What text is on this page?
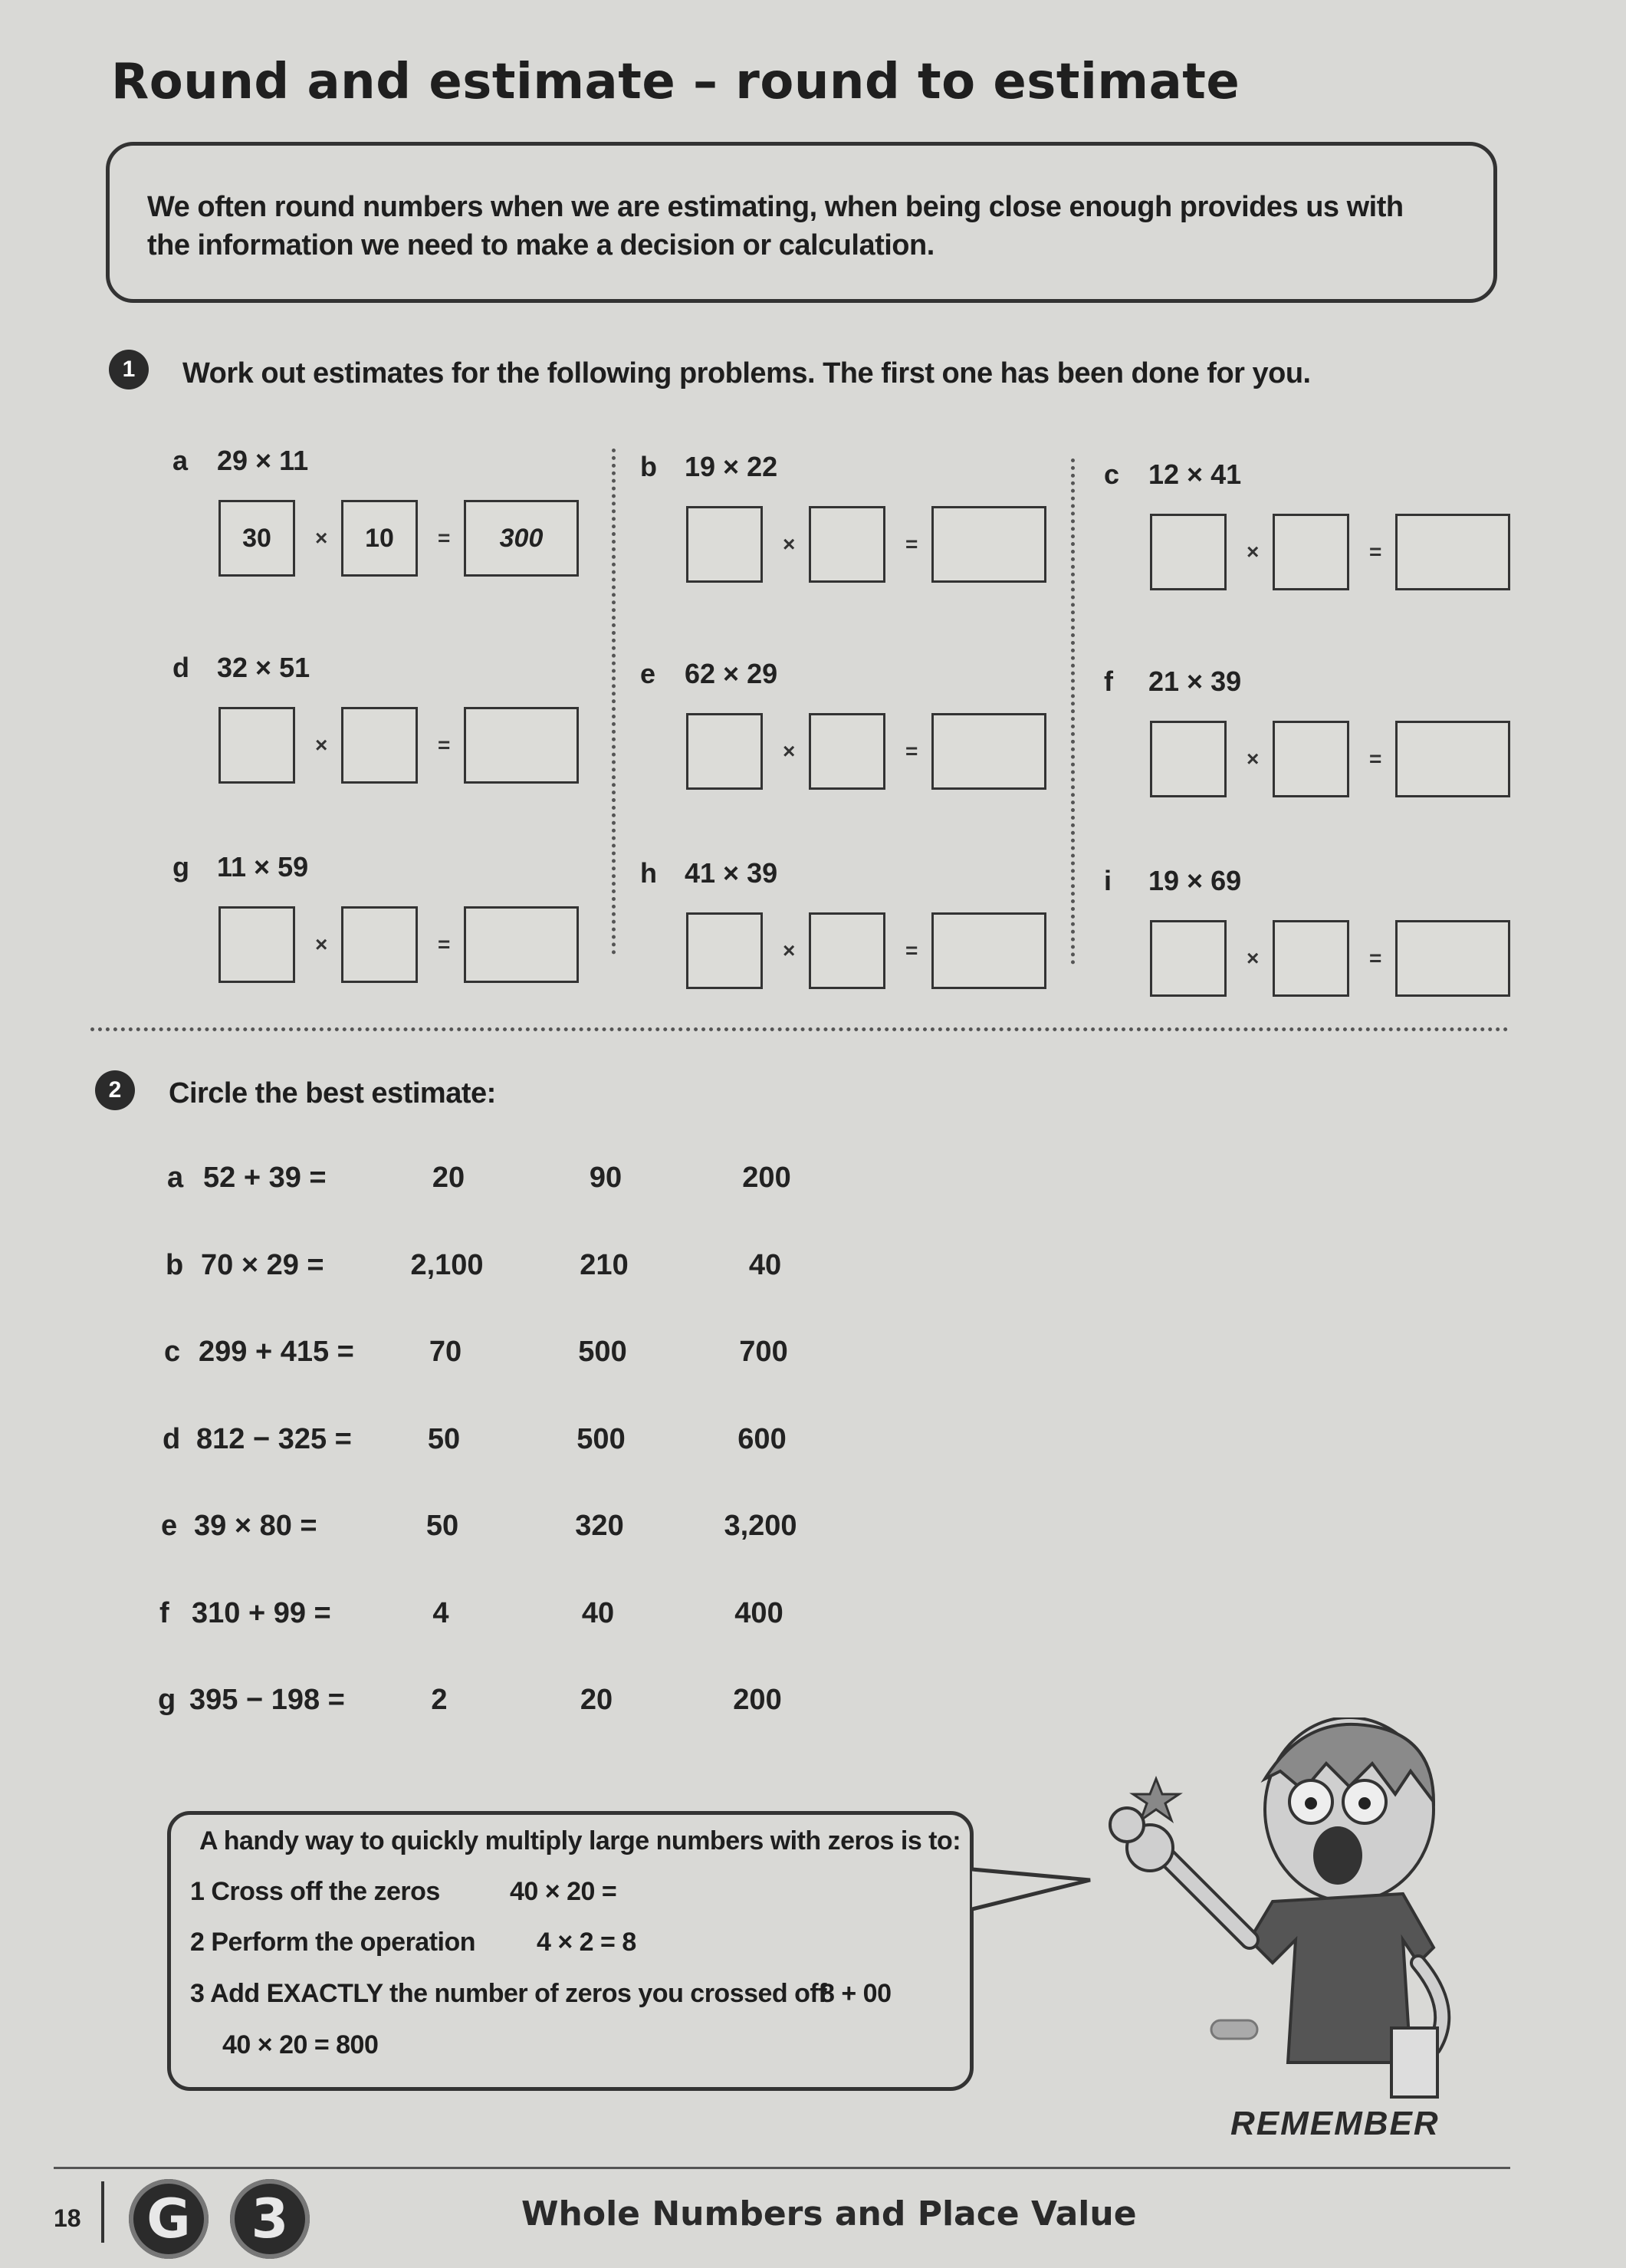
Round and estimate – round to estimate
We often round numbers when we are estimating, when being close enough provides us with the information we need to make a decision or calculation.
1	Work out estimates for the following problems. The first one has been done for you.
a 29 × 11
30	10	300
×	=
b 19 × 22
×	=
c 12 × 41
×	=
d 32 × 51
×	=
e 62 × 29
×	=
f 21 × 39
×	=
g 11 × 59
×	=
h 41 × 39
×	=
i 19 × 69
×	=
2	Circle the best estimate:
a 52 + 39 =	20	90	200
b 70 × 29 =	2,100	210	40
c 299 + 415 =	70	500	700
d 812 − 325 =	50	500	600
e 39 × 80 =	50	320	3,200
f 310 + 99 =	4	40	400
g 395 − 198 =	2	20	200
A handy way to quickly multiply large numbers with zeros is to:
1 Cross off the zeros	40 × 20 =
2 Perform the operation 4 × 2 = 8
3 Add EXACTLY the number of zeros you crossed off
8 + 00
40 × 20 = 800
REMEMBER
18	G	3	Whole Numbers and Place Value
